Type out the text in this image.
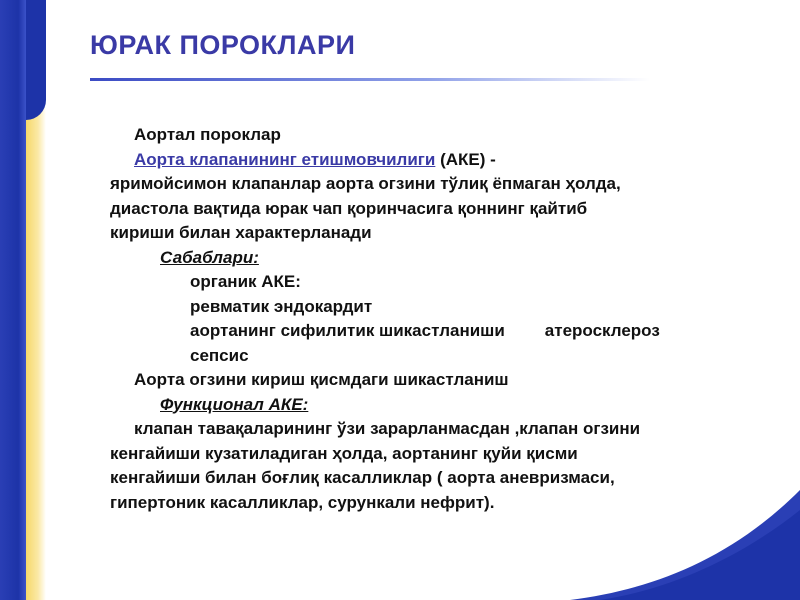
ЮРАК ПОРОКЛАРИ
Аортал пороклар
Аорта клапанининг етишмовчилиги (АКЕ) -
яримойсимон клапанлар аорта огзини тўлиқ ёпмаган ҳолда,
диастола вақтида юрак чап қоринчасига қоннинг қайтиб
кириши билан характерланади
Сабаблари:
органик АКЕ:
ревматик эндокардит
аортанинг сифилитик шикастланиши атеросклероз
сепсис
Аорта огзини кириш қисмдаги шикастланиш
Функционал АКЕ:
клапан тавақаларининг ўзи зарарланмасдан ,клапан огзини
кенгайиши кузатиладиган ҳолда, аортанинг қуйи қисми
кенгайиши билан боғлиқ касалликлар ( аорта аневризмаси,
гипертоник касалликлар, сурункали нефрит).
